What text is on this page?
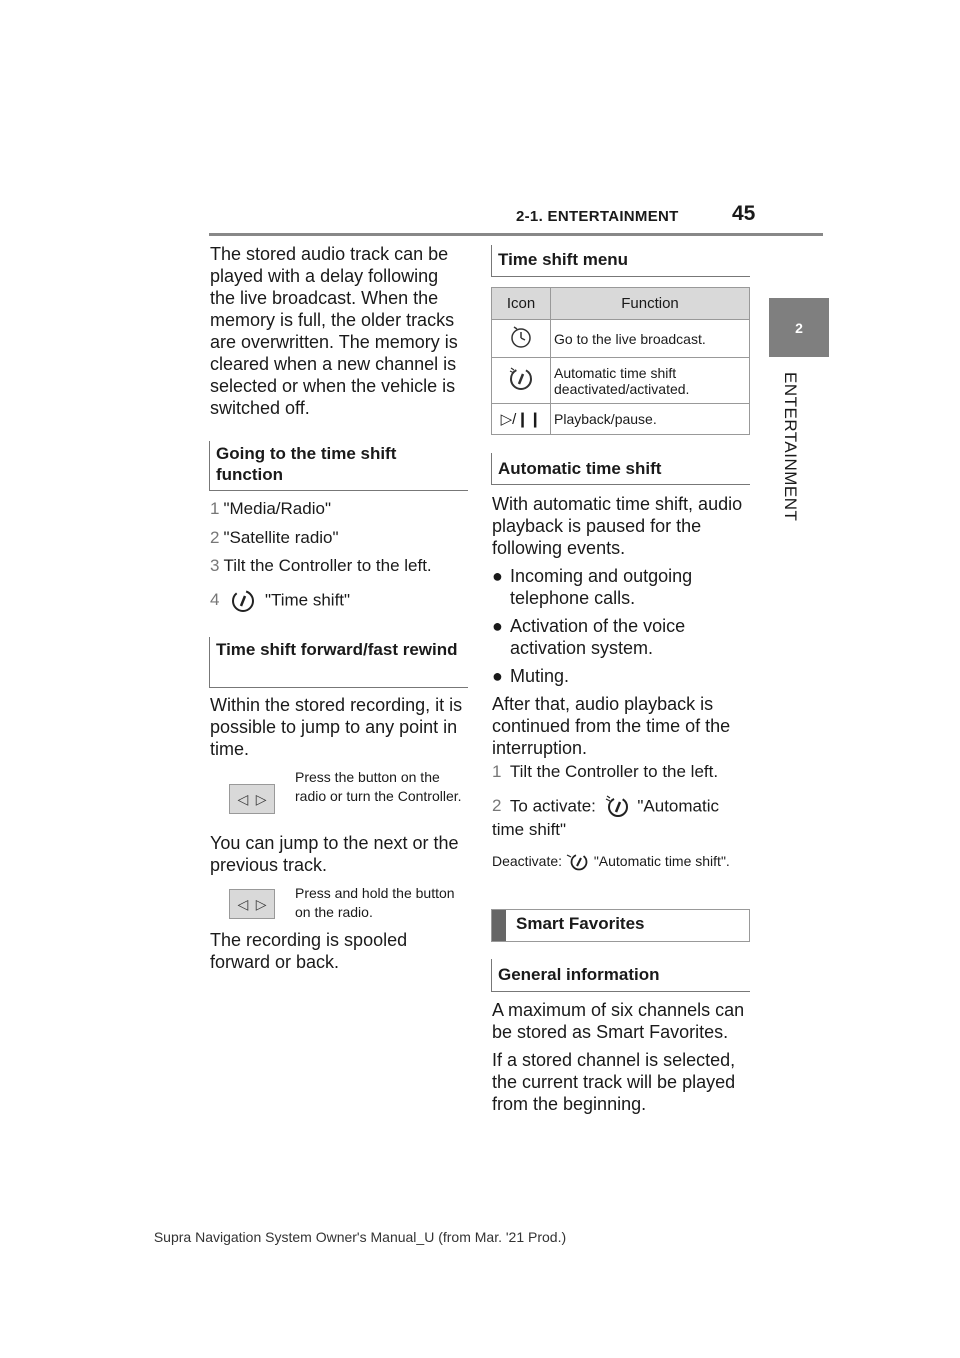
2-1. ENTERTAINMENT	45
2
ENTERTAINMENT
The stored audio track can be played with a delay following the live broadcast. When the memory is full, the older tracks are overwritten. The memory is cleared when a new channel is selected or when the vehicle is switched off.
Going to the time shift function
1 "Media/Radio"
2 "Satellite radio"
3 Tilt the Controller to the left.
4	"Time shift"
Time shift forward/fast rewind
Within the stored recording, it is possible to jump to any point in time.
◁ ▷
Press the button on the radio or turn the Controller.
You can jump to the next or the previous track.
◁ ▷
Press and hold the button on the radio.
The recording is spooled forward or back.
Time shift menu
Icon	Function
	Go to the live broadcast.
	Automatic time shift deactivated/activated.
▷/❙❙	Playback/pause.
Automatic time shift
With automatic time shift, audio playback is paused for the following events.
● Incoming and outgoing telephone calls.
● Activation of the voice activation system.
● Muting.
After that, audio playback is continued from the time of the interruption.
1 Tilt the Controller to the left.
2 To activate: "Automatic time shift"
Deactivate: "Automatic time shift".
Smart Favorites
General information
A maximum of six channels can be stored as Smart Favorites.
If a stored channel is selected, the current track will be played from the beginning.
Supra Navigation System Owner's Manual_U (from Mar. '21 Prod.)
